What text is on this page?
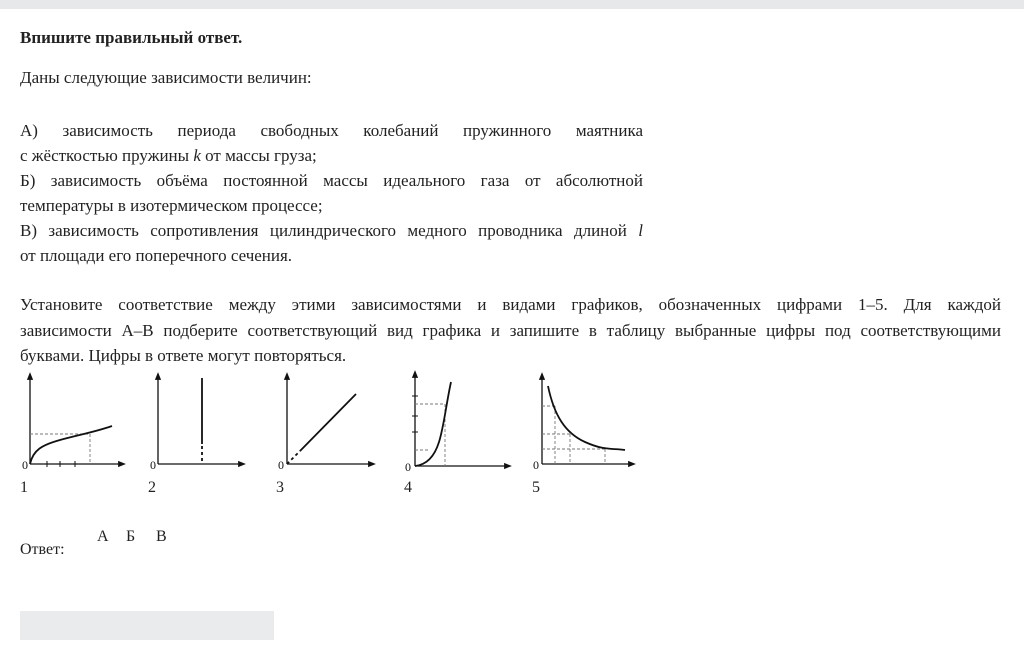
Впишите правильный ответ.
Даны следующие зависимости величин:
А) зависимость периода свободных колебаний пружинного маятника
с жёсткостью пружины k от массы груза;
Б) зависимость объёма постоянной массы идеального газа от абсолютной
температуры в изотермическом процессе;
В) зависимость сопротивления цилиндрического медного проводника длиной l
от площади его поперечного сечения.
Установите соответствие между этими зависимостями и видами графиков, обозначенных цифрами 1–5. Для каждой
зависимости А–В подберите соответствующий вид графика и запишите в таблицу выбранные цифры под соответствующими
буквами. Цифры в ответе могут повторяться.
0	0	0	0	0
1	2	3	4	5
Ответ:
А Б В
